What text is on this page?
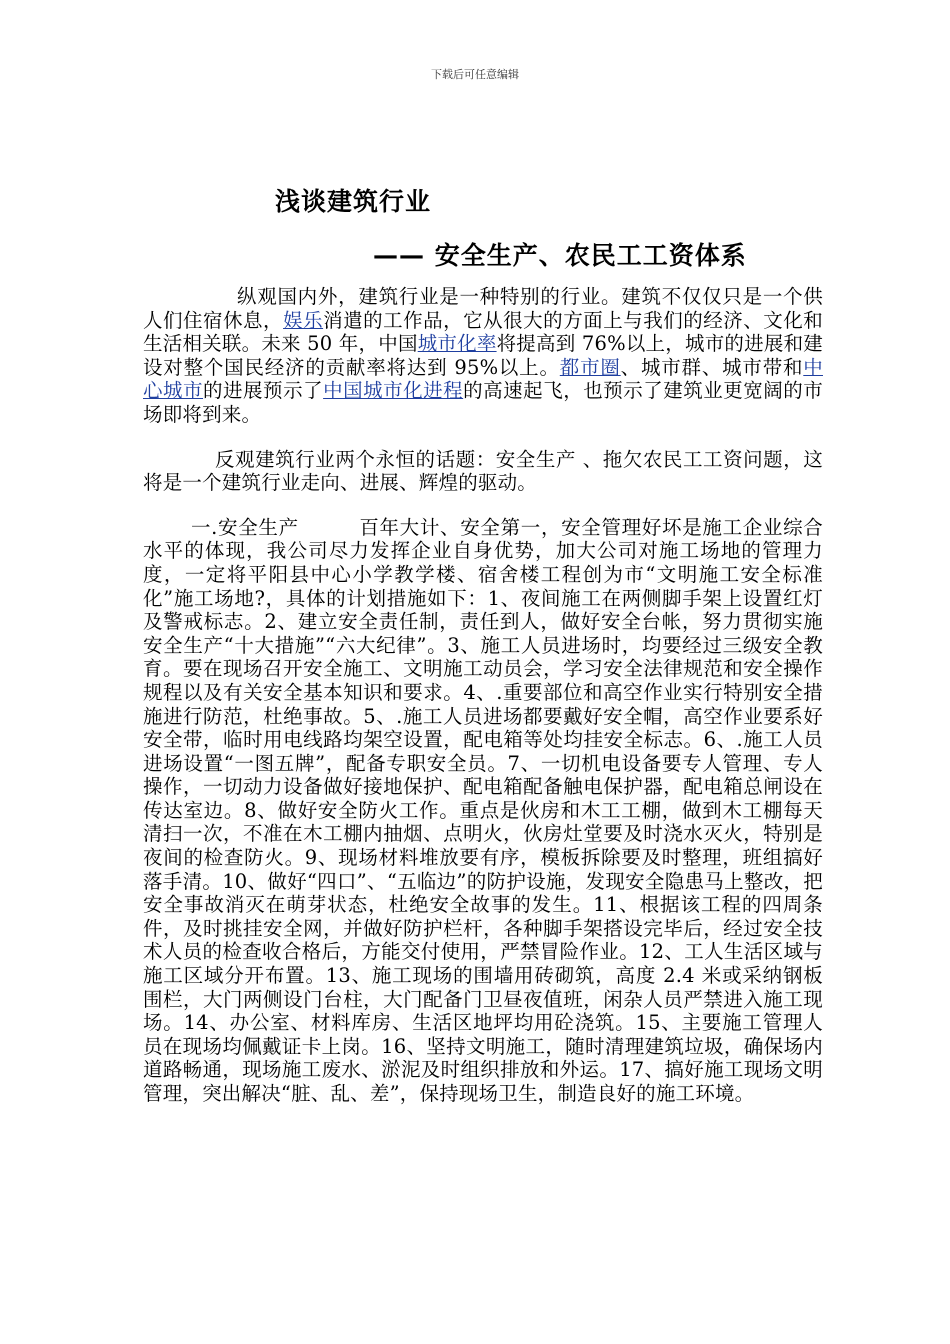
下载后可任意编辑
浅谈建筑行业
—— 安全生产、农民工工资体系

纵观国内外，建筑行业是一种特别的行业。建筑不仅仅只是一个供人们住宿休息，娱乐消遣的工作品，它从很大的方面上与我们的经济、文化和生活相关联。未来 50 年，中国城市化率将提高到 76%以上，城市的进展和建设对整个国民经济的贡献率将达到 95%以上。都市圈、城市群、城市带和中心城市的进展预示了中国城市化进程的高速起飞，也预示了建筑业更宽阔的市场即将到来。

反观建筑行业两个永恒的话题：安全生产 、拖欠农民工工资问题，这将是一个建筑行业走向、进展、辉煌的驱动。

一.安全生产　　　百年大计、安全第一，安全管理好坏是施工企业综合水平的体现，我公司尽力发挥企业自身优势，加大公司对施工场地的管理力度，一定将平阳县中心小学教学楼、宿舍楼工程创为市“文明施工安全标准化”施工场地?，具体的计划措施如下：1、夜间施工在两侧脚手架上设置红灯及警戒标志。2、建立安全责任制，责任到人，做好安全台帐，努力贯彻实施安全生产“十大措施”“六大纪律”。3、施工人员进场时，均要经过三级安全教育。要在现场召开安全施工、文明施工动员会，学习安全法律规范和安全操作规程以及有关安全基本知识和要求。4、.重要部位和高空作业实行特别安全措施进行防范，杜绝事故。5、.施工人员进场都要戴好安全帽，高空作业要系好安全带，临时用电线路均架空设置，配电箱等处均挂安全标志。6、.施工人员进场设置“一图五牌”，配备专职安全员。7、一切机电设备要专人管理、专人操作，一切动力设备做好接地保护、配电箱配备触电保护器，配电箱总闸设在传达室边。8、做好安全防火工作。重点是伙房和木工工棚，做到木工棚每天清扫一次，不准在木工棚内抽烟、点明火，伙房灶堂要及时浇水灭火，特别是夜间的检查防火。9、现场材料堆放要有序，模板拆除要及时整理，班组搞好落手清。10、做好“四口”、“五临边”的防护设施，发现安全隐患马上整改，把安全事故消灭在萌芽状态，杜绝安全故事的发生。11、根据该工程的四周条件，及时挑挂安全网，并做好防护栏杆，各种脚手架搭设完毕后，经过安全技术人员的检查收合格后，方能交付使用，严禁冒险作业。12、工人生活区域与施工区域分开布置。13、施工现场的围墙用砖砌筑，高度 2.4 米或采纳钢板围栏，大门两侧设门台柱，大门配备门卫昼夜值班，闲杂人员严禁进入施工现场。14、办公室、材料库房、生活区地坪均用砼浇筑。15、主要施工管理人员在现场均佩戴证卡上岗。16、坚持文明施工，随时清理建筑垃圾，确保场内道路畅通，现场施工废水、淤泥及时组织排放和外运。17、搞好施工现场文明管理，突出解决“脏、乱、差”，保持现场卫生，制造良好的施工环境。
